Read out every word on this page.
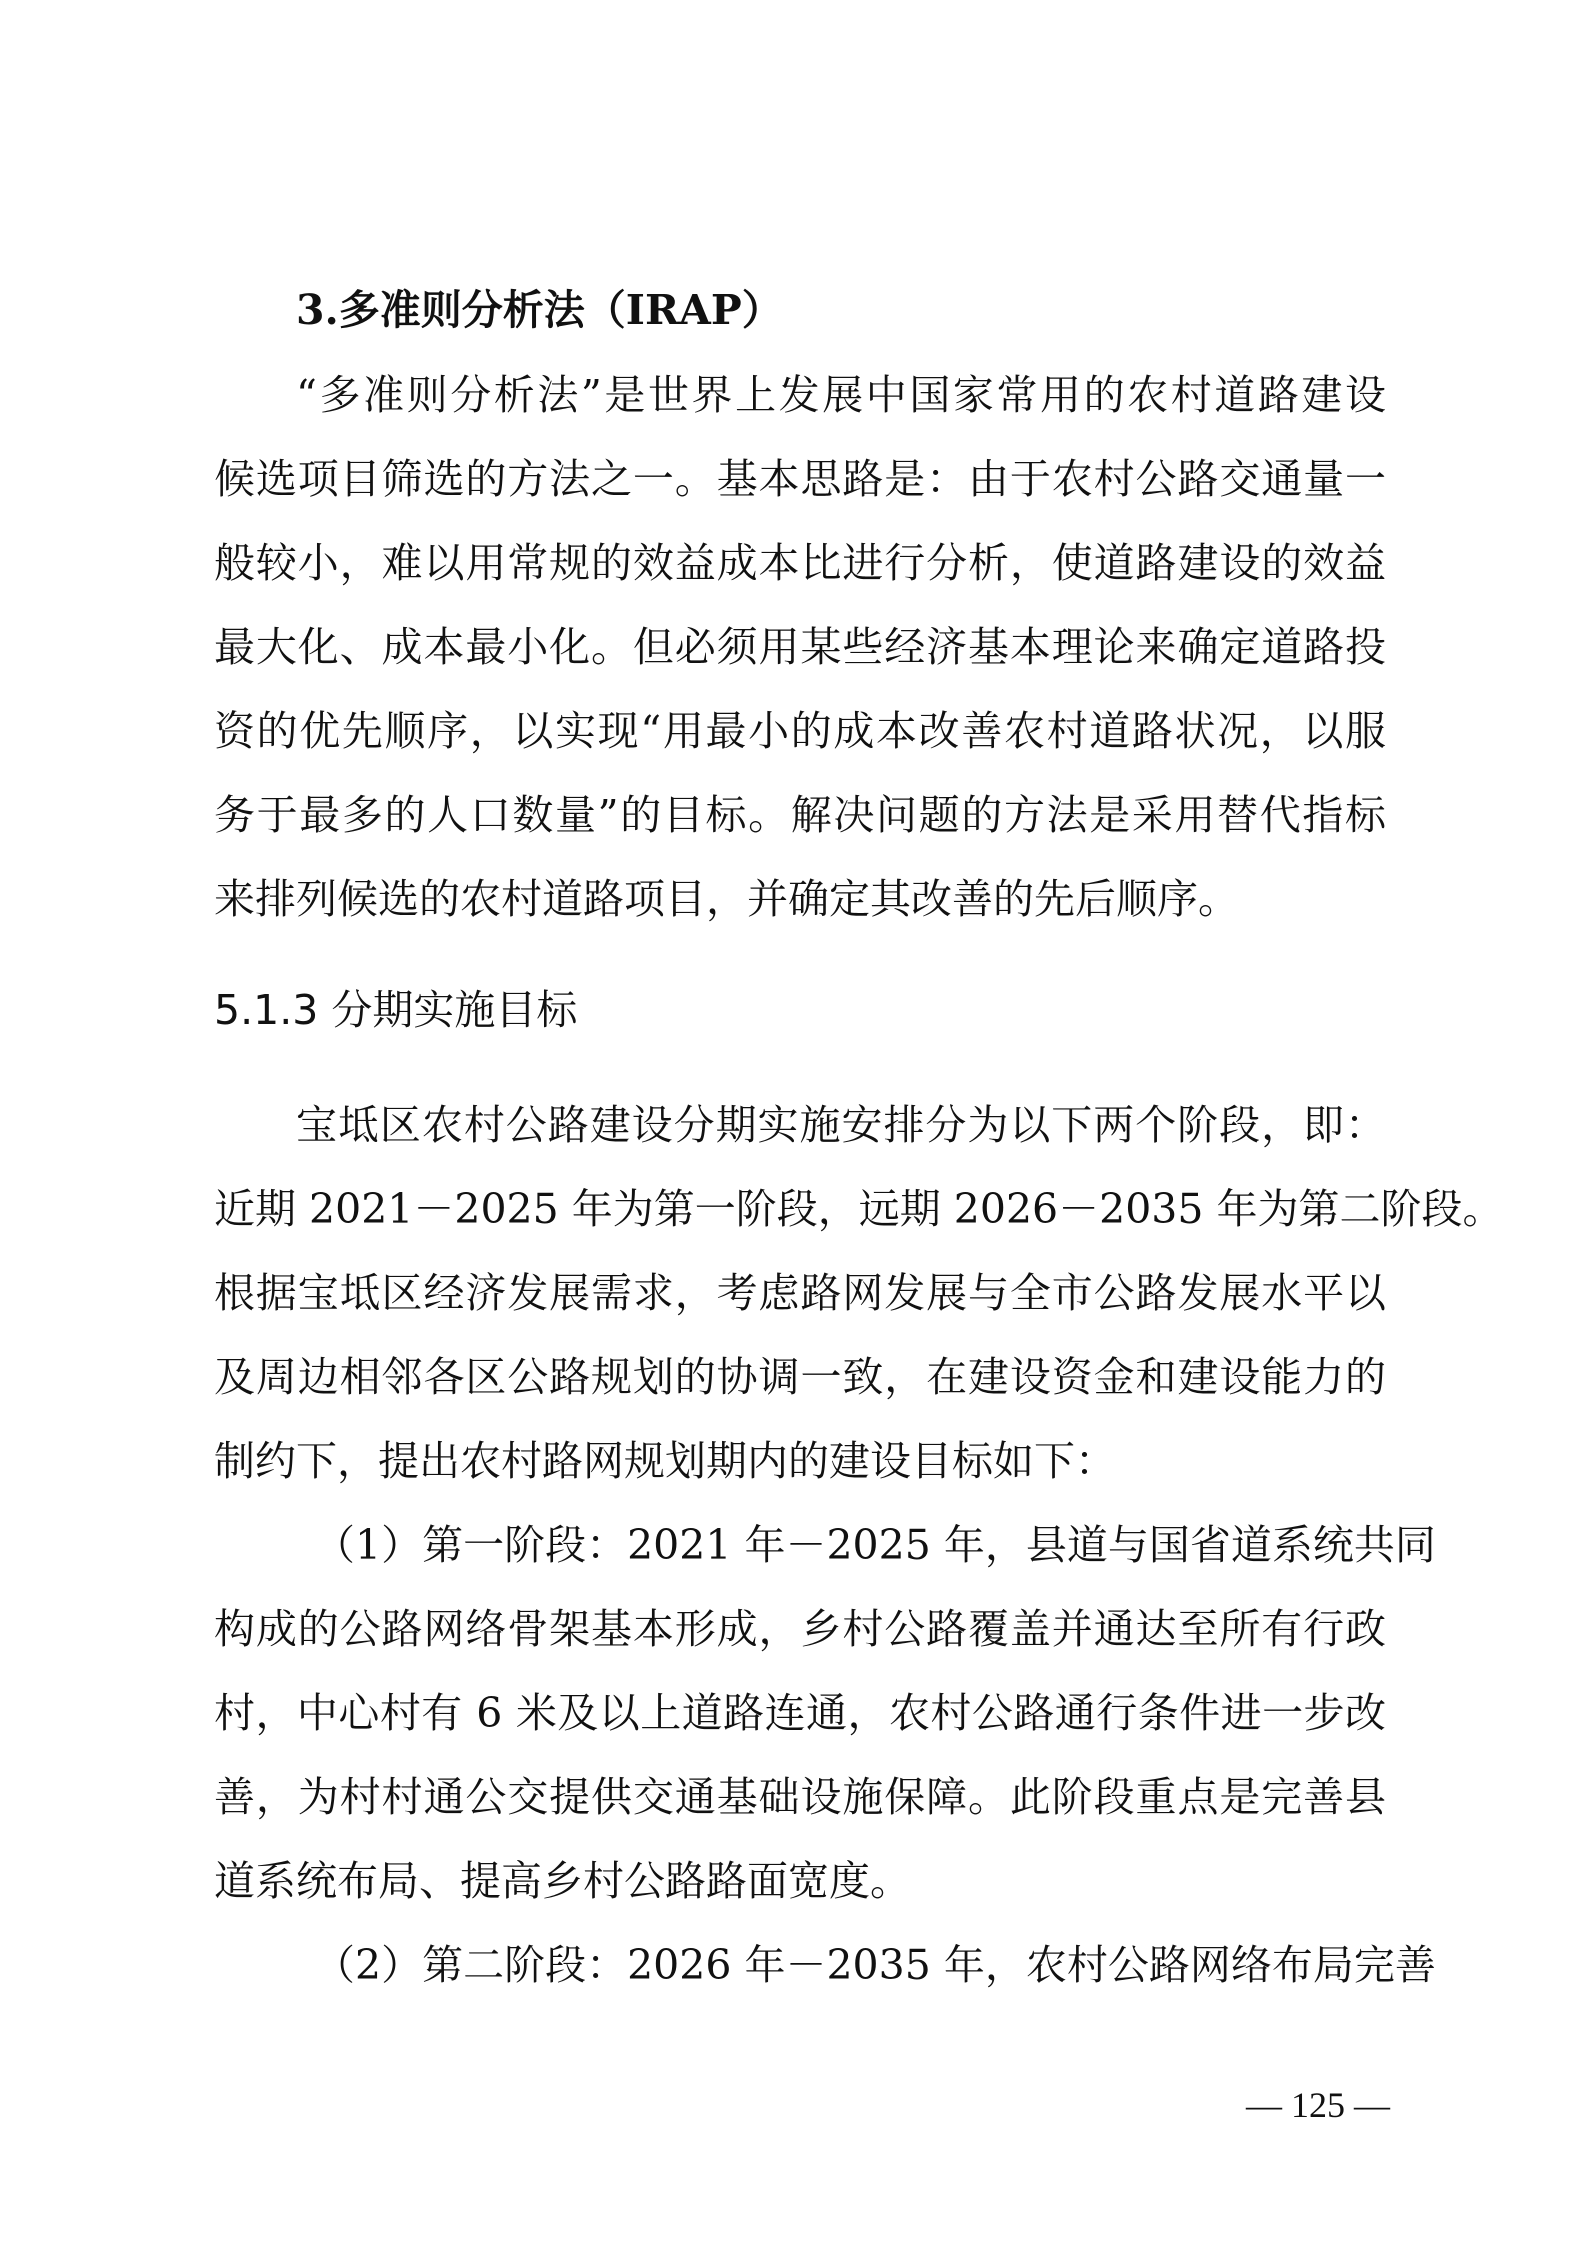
3.多准则分析法（IRAP）
“多准则分析法”是世界上发展中国家常用的农村道路建设
候选项目筛选的方法之一。基本思路是：由于农村公路交通量一
般较小，难以用常规的效益成本比进行分析，使道路建设的效益
最大化、成本最小化。但必须用某些经济基本理论来确定道路投
资的优先顺序，以实现“用最小的成本改善农村道路状况，以服
务于最多的人口数量”的目标。解决问题的方法是采用替代指标
来排列候选的农村道路项目，并确定其改善的先后顺序。
5.1.3 分期实施目标
宝坻区农村公路建设分期实施安排分为以下两个阶段，即：
近期 2021－2025 年为第一阶段，远期 2026－2035 年为第二阶段。
根据宝坻区经济发展需求，考虑路网发展与全市公路发展水平以
及周边相邻各区公路规划的协调一致，在建设资金和建设能力的
制约下，提出农村路网规划期内的建设目标如下：
（1）第一阶段：2021 年－2025 年，县道与国省道系统共同
构成的公路网络骨架基本形成，乡村公路覆盖并通达至所有行政
村，中心村有 6 米及以上道路连通，农村公路通行条件进一步改
善，为村村通公交提供交通基础设施保障。此阶段重点是完善县
道系统布局、提高乡村公路路面宽度。
（2）第二阶段：2026 年－2035 年，农村公路网络布局完善
— 125 —
